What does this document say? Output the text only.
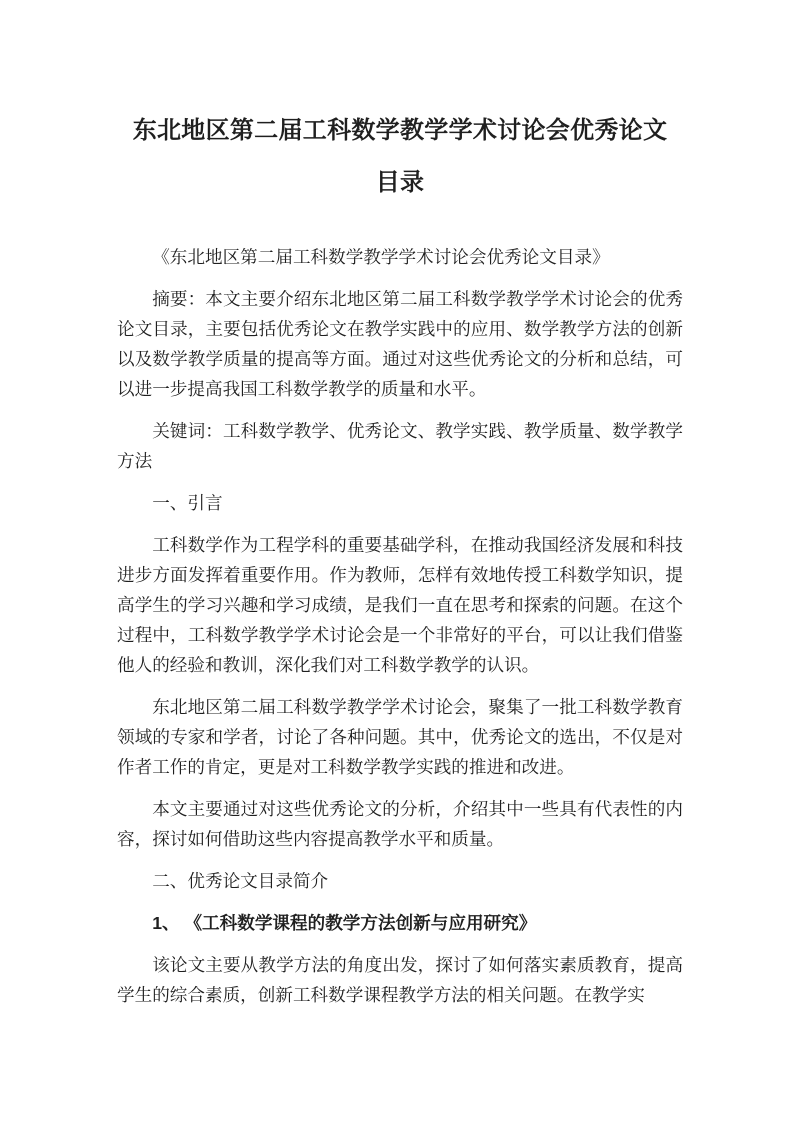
东北地区第二届工科数学教学学术讨论会优秀论文
目录

《东北地区第二届工科数学教学学术讨论会优秀论文目录》

摘要：本文主要介绍东北地区第二届工科数学教学学术讨论会的优秀论文目录，主要包括优秀论文在教学实践中的应用、数学教学方法的创新以及数学教学质量的提高等方面。通过对这些优秀论文的分析和总结，可以进一步提高我国工科数学教学的质量和水平。

关键词：工科数学教学、优秀论文、教学实践、教学质量、数学教学方法

一、引言

工科数学作为工程学科的重要基础学科，在推动我国经济发展和科技进步方面发挥着重要作用。作为教师，怎样有效地传授工科数学知识，提高学生的学习兴趣和学习成绩，是我们一直在思考和探索的问题。在这个过程中，工科数学教学学术讨论会是一个非常好的平台，可以让我们借鉴他人的经验和教训，深化我们对工科数学教学的认识。

东北地区第二届工科数学教学学术讨论会，聚集了一批工科数学教育领域的专家和学者，讨论了各种问题。其中，优秀论文的选出，不仅是对作者工作的肯定，更是对工科数学教学实践的推进和改进。

本文主要通过对这些优秀论文的分析，介绍其中一些具有代表性的内容，探讨如何借助这些内容提高教学水平和质量。

二、优秀论文目录简介

1、 《工科数学课程的教学方法创新与应用研究》

该论文主要从教学方法的角度出发，探讨了如何落实素质教育，提高学生的综合素质，创新工科数学课程教学方法的相关问题。在教学实
